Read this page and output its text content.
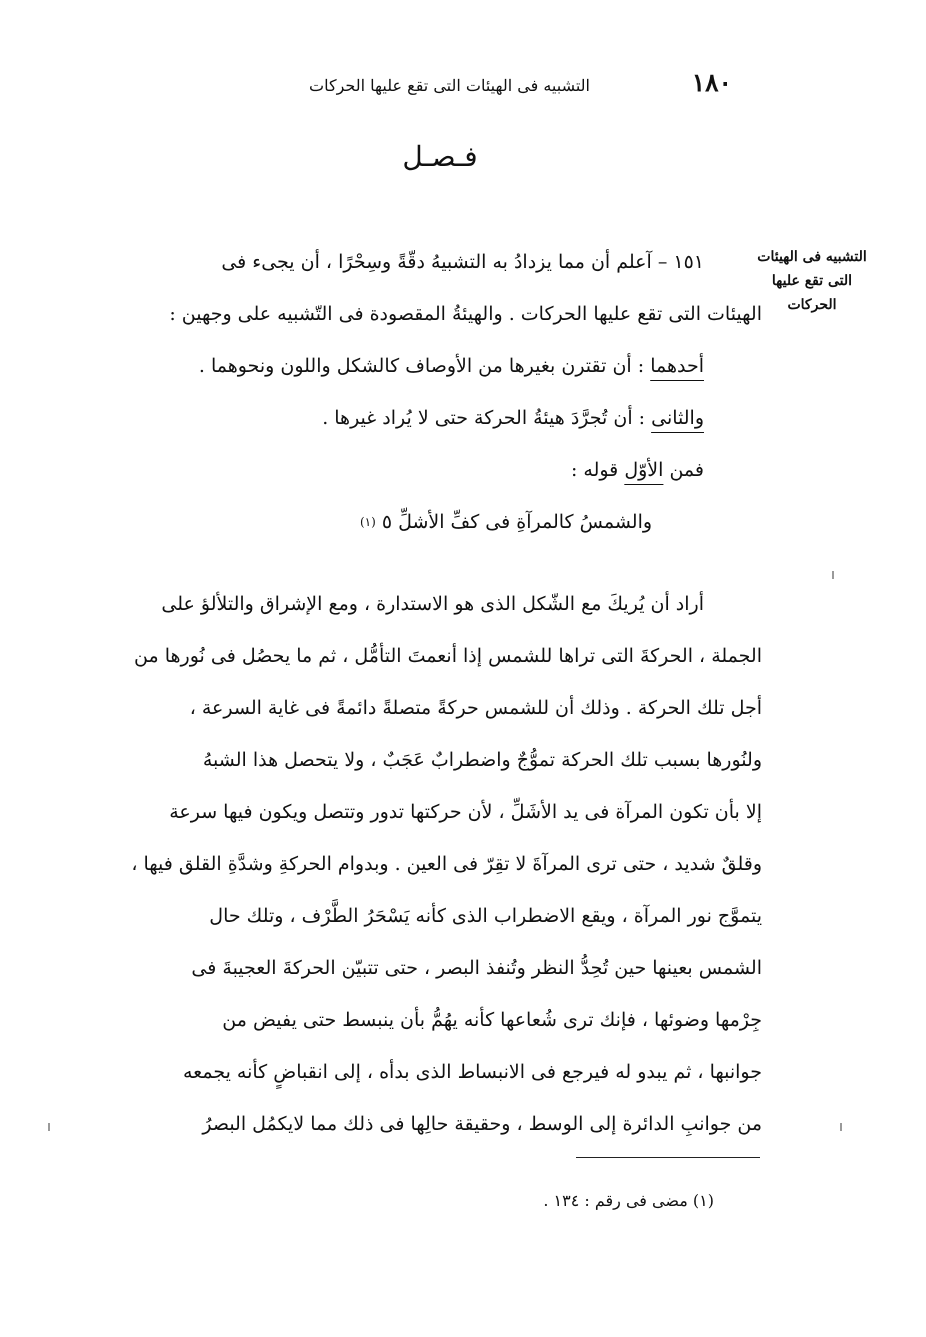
١٨٠
التشبيه فى الهيئات التى تقع عليها الحركات
فـصـل
التشبيه فى الهيئات
التى تقع عليها
الحركات

١٥١ – آعلم أن مما يزدادُ به التشبيهُ دقّةً وسِحْرًا ، أن يجىء فى

الهيئات التى تقع عليها الحركات . والهيئةُ المقصودة فى التّشبيه على وجهين :

أحدهما : أن تقترن بغيرها من الأوصاف كالشكل واللون ونحوهما .

والثانى : أن تُجرَّدَ هيئةُ الحركة حتى لا يُراد غيرها .

فمن الأوّل قوله :

والشمسُ كالمرآةِ فى كفِّ الأشلِّ ٥ $^{(١)}$

أراد أن يُريكَ مع الشّكل الذى هو الاستدارة ، ومع الإشراق والتلألؤ على

الجملة ، الحركةَ التى تراها للشمس إذا أنعمتَ التأمُّل ، ثم ما يحصُل فى نُورها من

أجل تلك الحركة . وذلك أن للشمس حركةً متصلةً دائمةً فى غاية السرعة ،

ولنُورها بسبب تلك الحركة تموُّجٌ واضطرابٌ عَجَبٌ ، ولا يتحصل هذا الشبهُ

إلا بأن تكون المرآة فى يد الأشَلِّ ، لأن حركتها تدور وتتصل ويكون فيها سرعة

وقلقٌ شديد ، حتى ترى المرآةَ لا تقِرّ فى العين . وبدوام الحركةِ وشدَّةِ القلق فيها ،

يتموَّج نور المرآة ، ويقع الاضطراب الذى كأنه يَسْحَرُ الطَّرْف ، وتلك حال

الشمس بعينها حين تُحِدُّ النظر وتُنفذ البصر ، حتى تتبيّن الحركةَ العجيبةَ فى

جِرْمها وضوئها ، فإنك ترى شُعاعها كأنه يهُمُّ بأن ينبسط حتى يفيض من

جوانبها ، ثم يبدو له فيرجع فى الانبساط الذى بدأه ، إلى انقباضٍ كأنه يجمعه

من جوانبِ الدائرة إلى الوسط ، وحقيقة حالِها فى ذلك مما لايكمُل البصرُ

(١) مضى فى رقم : ١٣٤ .
